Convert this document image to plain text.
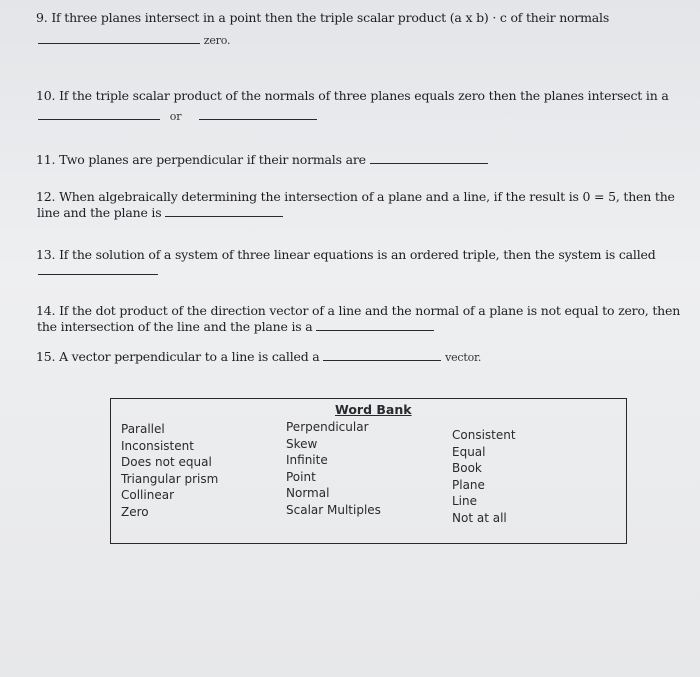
9. If three planes intersect in a point then the triple scalar product (a x b) · c of their normals
zero.
10. If the triple scalar product of the normals of three planes equals zero then the planes intersect in a
or
11. Two planes are perpendicular if their normals are
12. When algebraically determining the intersection of a plane and a line, if the result is 0 = 5, then the
line and the plane is
13. If the solution of a system of three linear equations is an ordered triple, then the system is called
14. If the dot product of the direction vector of a line and the normal of a plane is not equal to zero, then
the intersection of the line and the plane is a
15. A vector perpendicular to a line is called a	vector.
Word Bank
Parallel
Inconsistent
Does not equal
Triangular prism
Collinear
Zero
Perpendicular
Skew
Infinite
Point
Normal
Scalar Multiples
Consistent
Equal
Book
Plane
Line
Not at all
